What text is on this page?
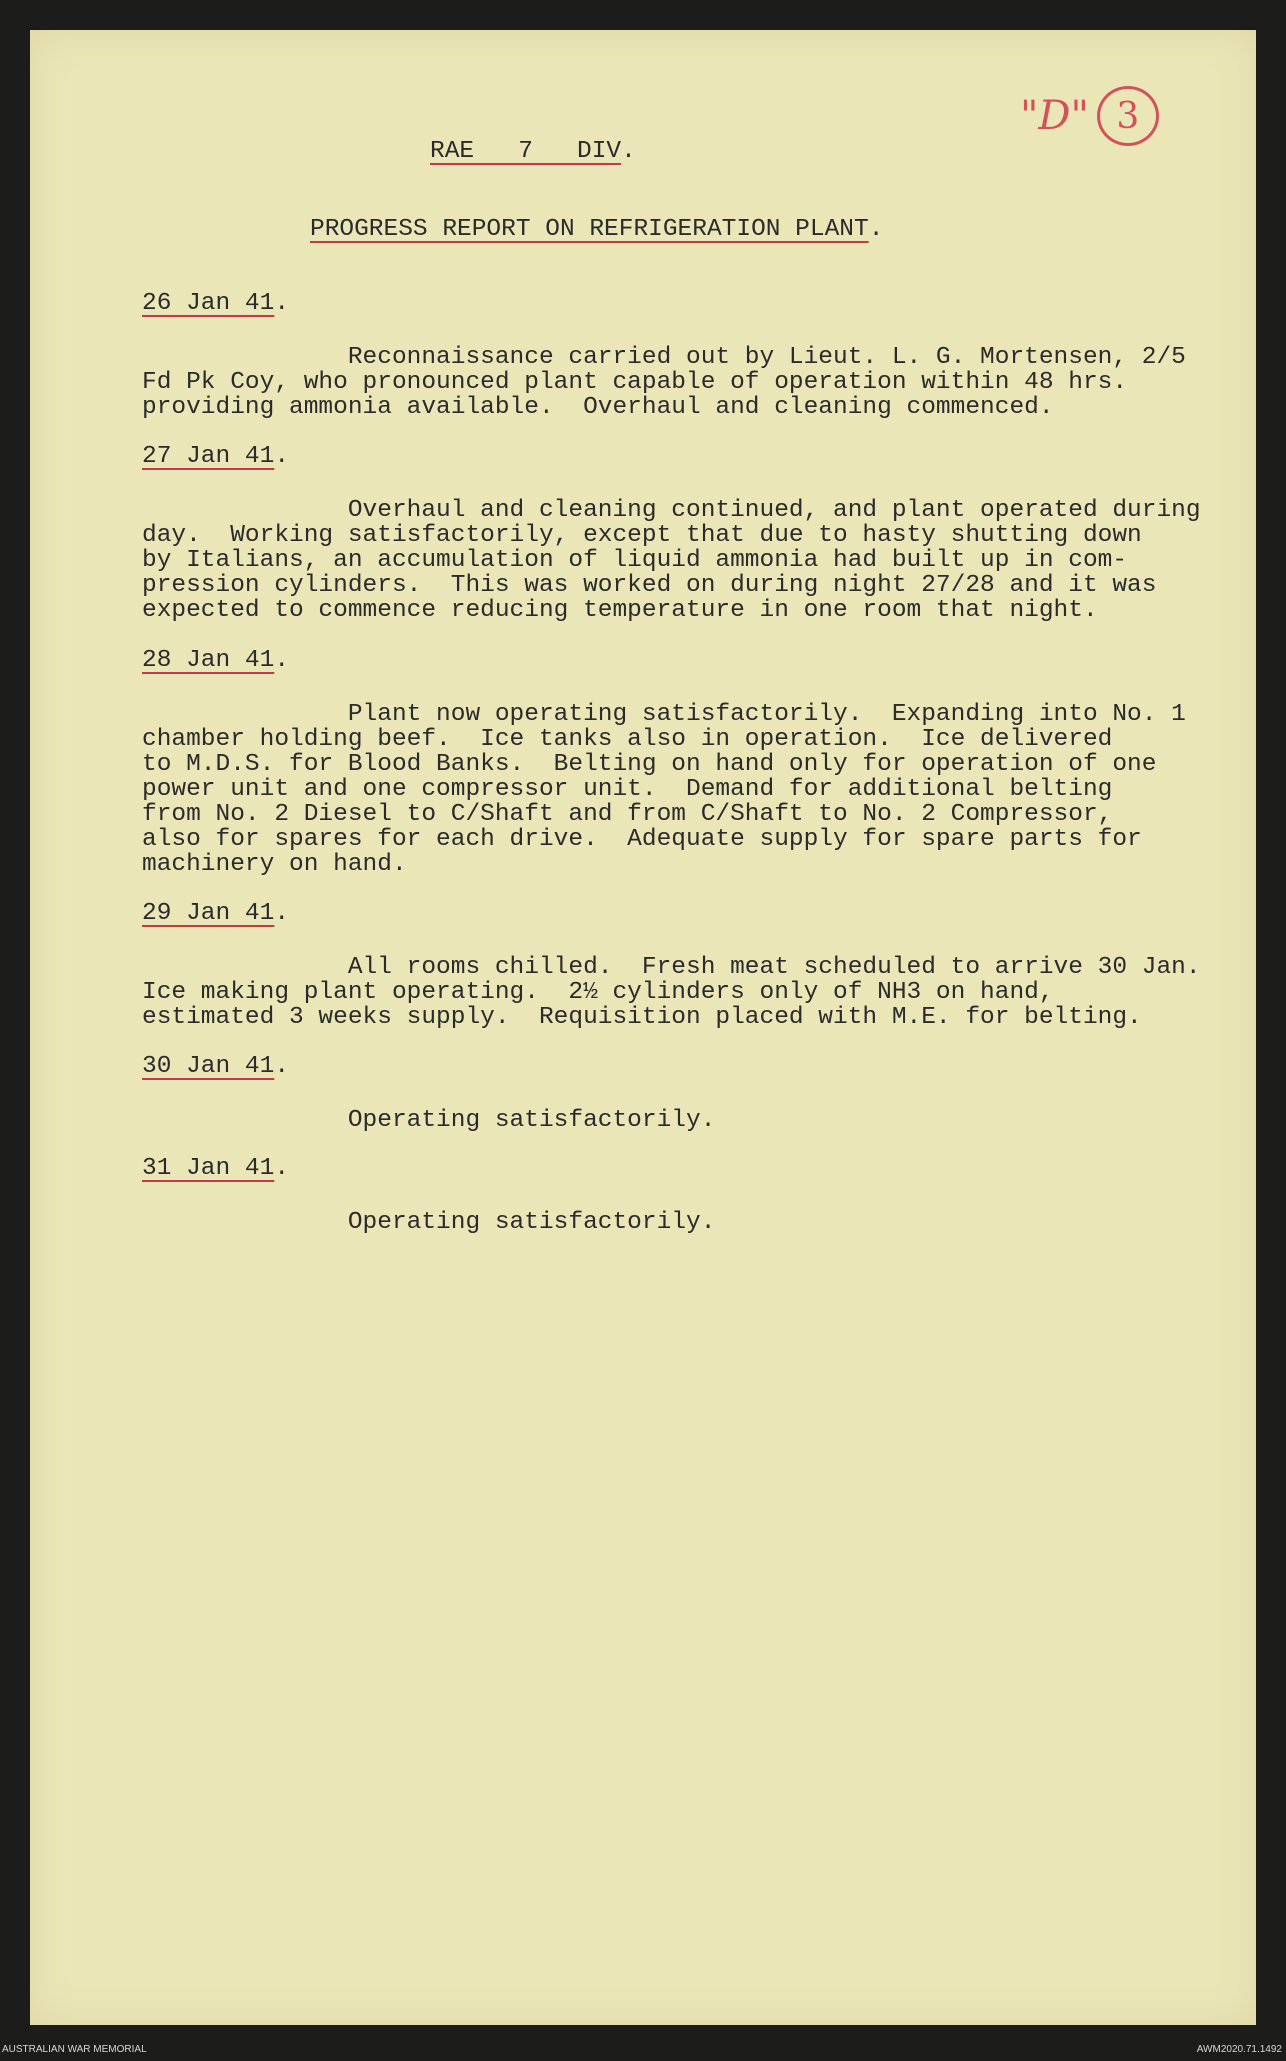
"D" 3
RAE   7   DIV.
PROGRESS REPORT ON REFRIGERATION PLANT.
26 Jan 41.
Reconnaissance carried out by Lieut. L. G. Mortensen, 2/5
Fd Pk Coy, who pronounced plant capable of operation within 48 hrs.
providing ammonia available.  Overhaul and cleaning commenced.
27 Jan 41.
Overhaul and cleaning continued, and plant operated during
day.  Working satisfactorily, except that due to hasty shutting down
by Italians, an accumulation of liquid ammonia had built up in com-
pression cylinders.  This was worked on during night 27/28 and it was
expected to commence reducing temperature in one room that night.
28 Jan 41.
Plant now operating satisfactorily.  Expanding into No. 1
chamber holding beef.  Ice tanks also in operation.  Ice delivered
to M.D.S. for Blood Banks.  Belting on hand only for operation of one
power unit and one compressor unit.  Demand for additional belting
from No. 2 Diesel to C/Shaft and from C/Shaft to No. 2 Compressor,
also for spares for each drive.  Adequate supply for spare parts for
machinery on hand.
29 Jan 41.
All rooms chilled.  Fresh meat scheduled to arrive 30 Jan.
Ice making plant operating.  2½ cylinders only of NH3 on hand,
estimated 3 weeks supply.  Requisition placed with M.E. for belting.
30 Jan 41.
Operating satisfactorily.
31 Jan 41.
Operating satisfactorily.
AUSTRALIAN WAR MEMORIAL	AWM2020.71.1492
